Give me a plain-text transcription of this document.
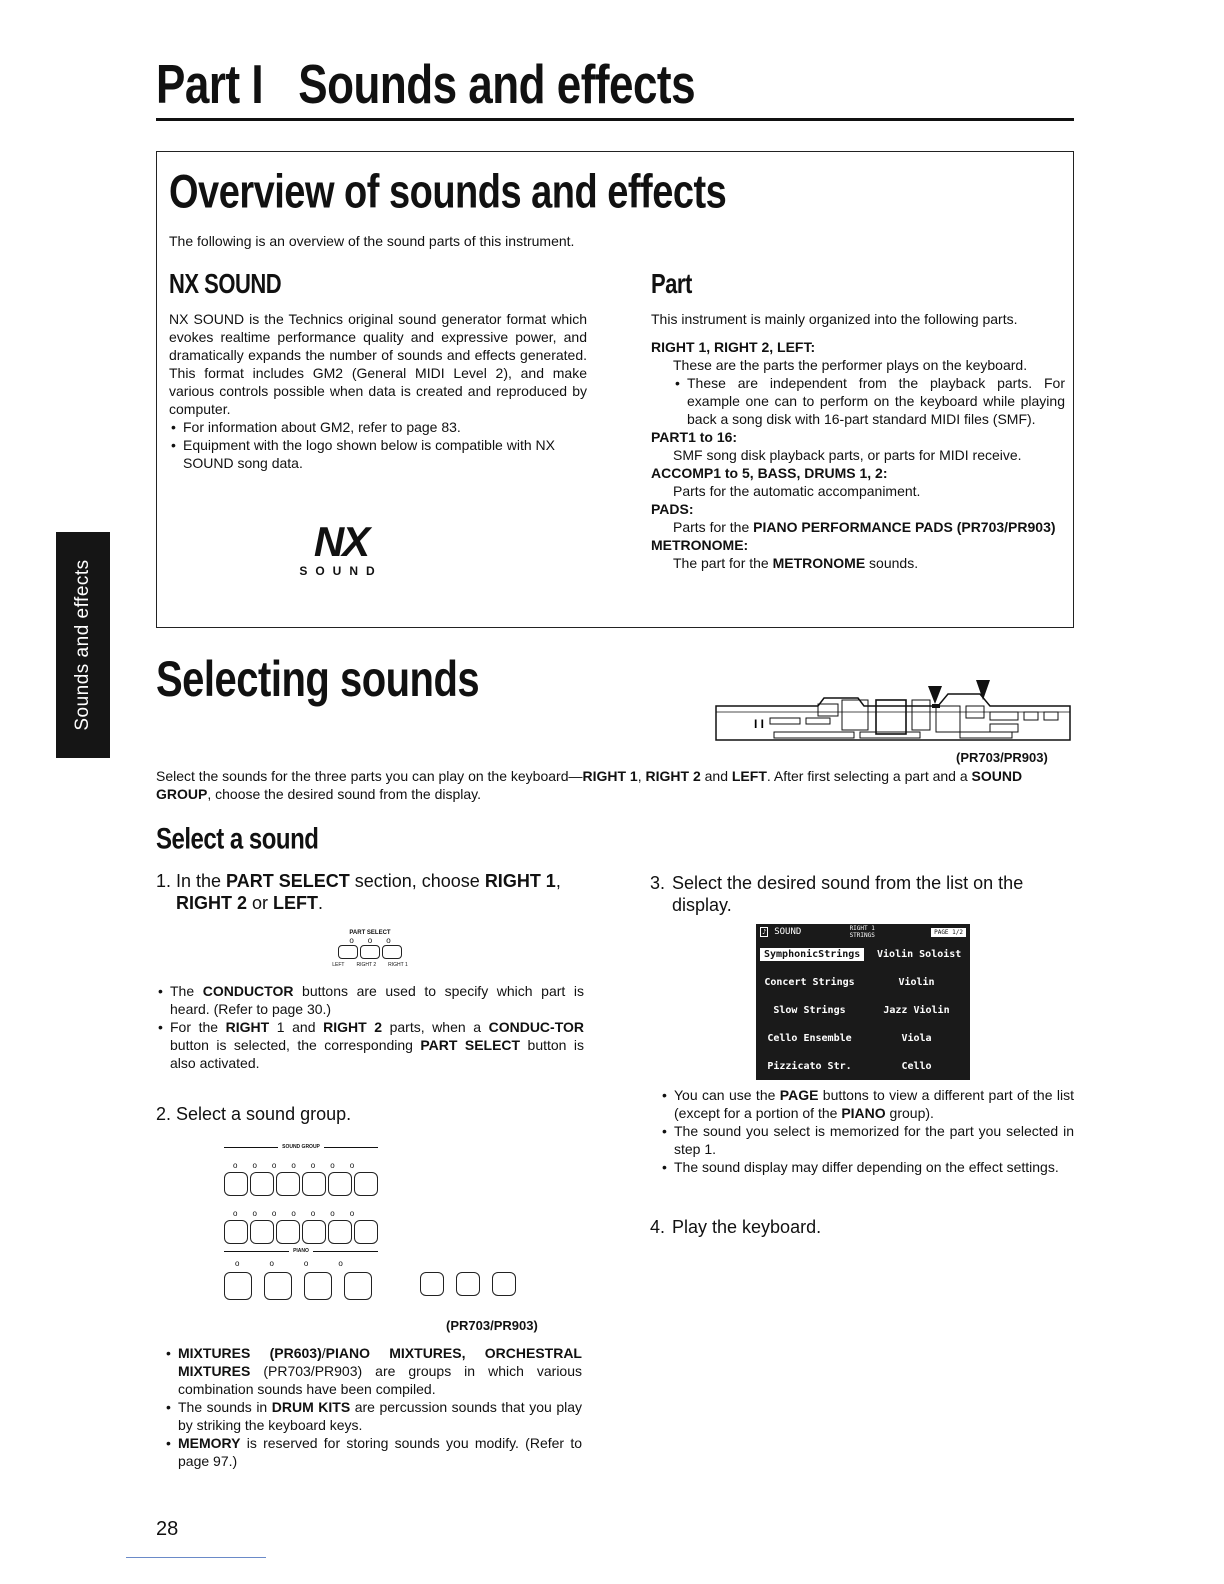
Part I   Sounds and effects
Sounds and effects
Overview of sounds and effects
The following is an overview of the sound parts of this instrument.
NX SOUND
NX SOUND is the Technics original sound generator format which evokes realtime performance quality and expressive power, and dramatically expands the number of sounds and effects generated. This format includes GM2 (General MIDI Level 2), and make various controls possible when data is created and reproduced by computer.
• For information about GM2, refer to page 83.
• Equipment with the logo shown below is compatible with NX SOUND song data.
NX
SOUND
Part
This instrument is mainly organized into the following parts.
RIGHT 1, RIGHT 2, LEFT:
These are the parts the performer plays on the keyboard.
• These are independent from the playback parts. For example one can to perform on the keyboard while playing back a song disk with 16-part standard MIDI files (SMF).
PART1 to 16:
SMF song disk playback parts, or parts for MIDI receive.
ACCOMP1 to 5, BASS, DRUMS 1, 2:
Parts for the automatic accompaniment.
PADS:
Parts for the PIANO PERFORMANCE PADS (PR703/PR903)
METRONOME:
The part for the METRONOME sounds.
Selecting sounds
I I
(PR703/PR903)
Select the sounds for the three parts you can play on the keyboard—RIGHT 1, RIGHT 2 and LEFT. After first selecting a part and a SOUND GROUP, choose the desired sound from the display.
Select a sound
1. In the PART SELECT section, choose RIGHT 1, RIGHT 2 or LEFT.
PART SELECT
ooo
LEFT RIGHT 2 RIGHT 1
• The CONDUCTOR buttons are used to specify which part is heard. (Refer to page 30.)
• For the RIGHT 1 and RIGHT 2 parts, when a CONDUC-TOR button is selected, the corresponding PART SELECT button is also activated.
2. Select a sound group.
SOUND GROUP
ooooooo
ooooooo
PIANO
oooo
(PR703/PR903)
• MIXTURES (PR603)/PIANO MIXTURES, ORCHESTRAL MIXTURES (PR703/PR903) are groups in which various combination sounds have been compiled.
• The sounds in DRUM KITS are percussion sounds that you play by striking the keyboard keys.
• MEMORY is reserved for storing sounds you modify. (Refer to page 97.)
3. Select the desired sound from the list on the display.
♪ SOUND	RIGHT 1
STRINGS	PAGE 1/2
SymphonicStrings	Violin Soloist
Concert Strings	Violin
Slow Strings	Jazz Violin
Cello Ensemble	Viola
Pizzicato Str.	Cello
• You can use the PAGE buttons to view a different part of the list (except for a portion of the PIANO group).
• The sound you select is memorized for the part you selected in step 1.
• The sound display may differ depending on the effect settings.
4. Play the keyboard.
28
